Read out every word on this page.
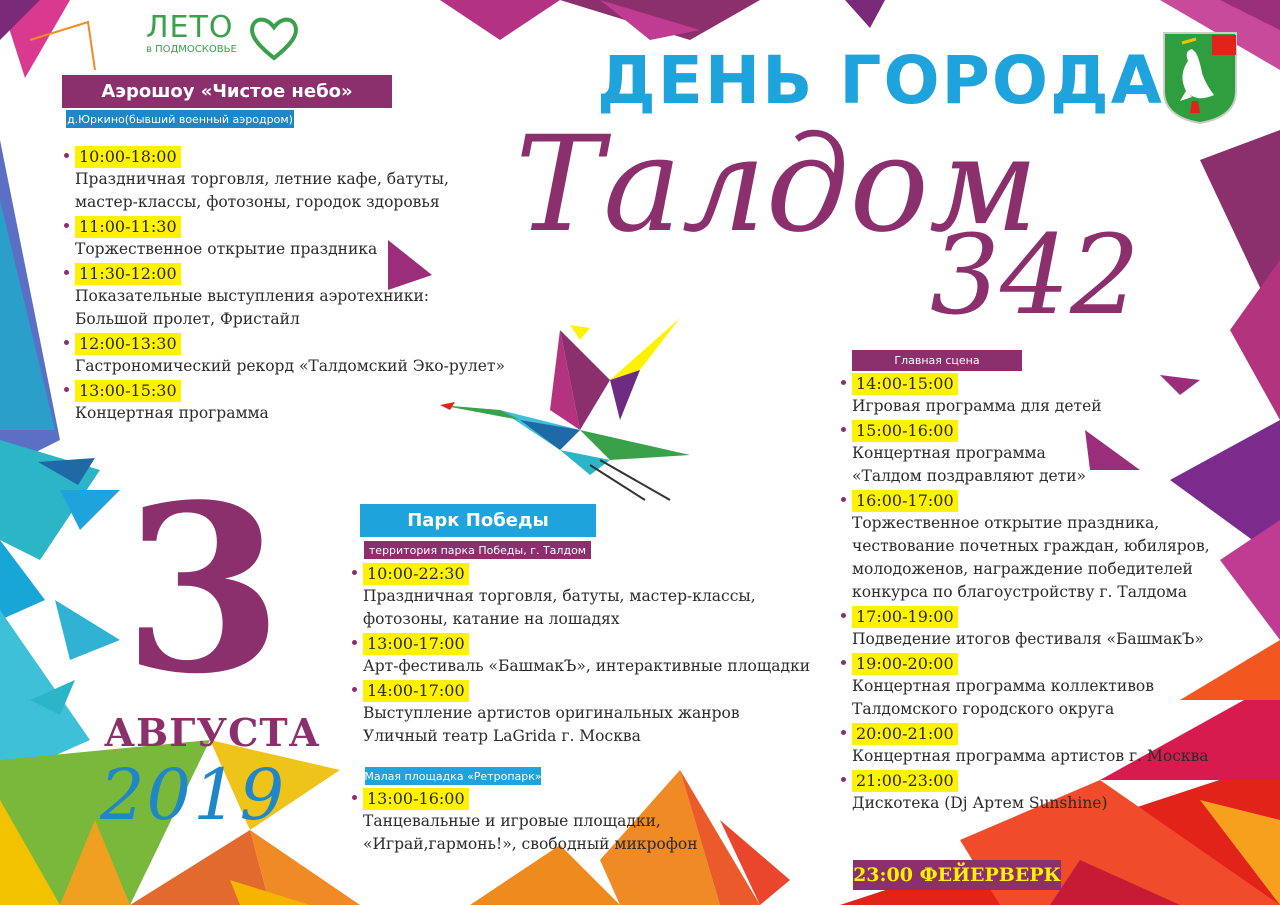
ЛЕТО
в ПОДМОСКОВЬЕ	ДЕНЬ ГОРОДА
Талдом
342
3
АВГУСТА
2019
Аэрошоу «Чистое небо»
д.Юркино(бывший военный аэродром)
10:00-18:00
Праздничная торговля, летние кафе, батуты,
мастер-классы, фотозоны, городок здоровья
11:00-11:30
Торжественное открытие праздника
11:30-12:00
Показательные выступления аэротехники:
Большой пролет, Фристайл
12:00-13:30
Гастрономический рекорд «Талдомский Эко-рулет»
13:00-15:30
Концертная программа
Парк Победы
территория парка Победы, г. Талдом
10:00-22:30
Праздничная торговля, батуты, мастер-классы,
фотозоны, катание на лошадях
13:00-17:00
Арт-фестиваль «БашмакЪ», интерактивные площадки
14:00-17:00
Выступление артистов оригинальных жанров
Уличный театр LaGrida г. Москва
Малая площадка «Ретропарк»
13:00-16:00
Танцевальные и игровые площадки,
«Играй,гармонь!», свободный микрофон
Главная сцена
14:00-15:00
Игровая программа для детей
15:00-16:00
Концертная программа
«Талдом поздравляют дети»
16:00-17:00
Торжественное открытие праздника,
чествование почетных граждан, юбиляров,
молодоженов, награждение победителей
конкурса по благоустройству г. Талдома
17:00-19:00
Подведение итогов фестиваля «БашмакЪ»
19:00-20:00
Концертная программа коллективов
Талдомского городского округа
20:00-21:00
Концертная программа артистов г. Москва
21:00-23:00
Дискотека (Dj Артем Sunshine)
23:00 ФЕЙЕРВЕРК
